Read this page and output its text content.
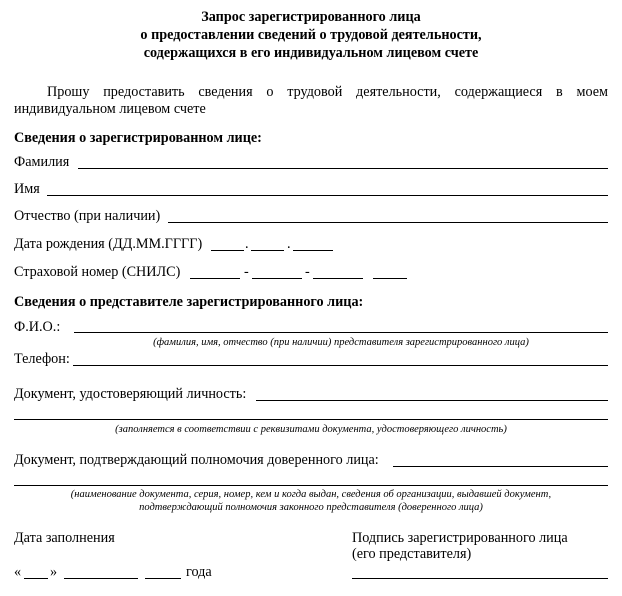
Запрос зарегистрированного лица
о предоставлении сведений о трудовой деятельности,
содержащихся в его индивидуальном лицевом счете
Прошу предоставить сведения о трудовой деятельности, содержащиеся в моем
индивидуальном лицевом счете
Сведения о зарегистрированном лице:
Фамилия
Имя
Отчество (при наличии)
Дата рождения (ДД.ММ.ГГГГ)	.	.
Страховой номер (СНИЛС)	-	-
Сведения о представителе зарегистрированного лица:
Ф.И.О.:
(фамилия, имя, отчество (при наличии) представителя зарегистрированного лица)
Телефон:
Документ, удостоверяющий личность:
(заполняется в соответствии с реквизитами документа, удостоверяющего личность)
Документ, подтверждающий полномочия доверенного лица:
(наименование документа, серия, номер, кем и когда выдан, сведения об организации, выдавшей документ,
подтверждающий полномочия законного представителя (доверенного лица)
Дата заполнения
« »	года
Подпись зарегистрированного лица
(его представителя)
